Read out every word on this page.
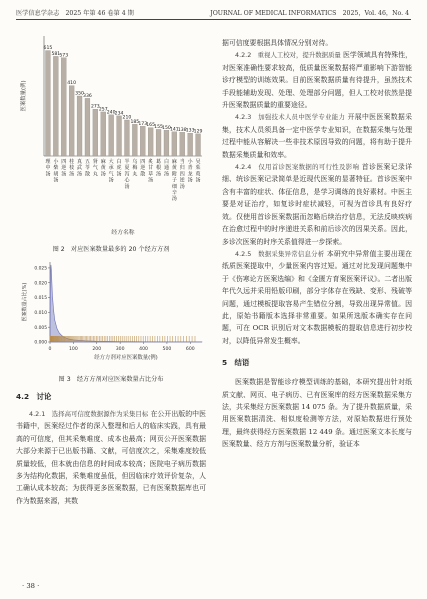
医学信息学杂志　2025 年第 46 卷第 4 期	JOURNAL OF MEDICAL INFORMATICS　2025，Vol. 46，No. 4
615
理
中
汤
581
小
柴
胡
汤
573
四
逆
汤
410
桂
枝
汤
350
真
武
汤
336
五
苓
散
273
肾
气
丸
257
麻
黄
汤
240
大
承
气
汤
234
白
虎
汤
210
半
夏
泻
心
汤
185
乌
梅
丸
173
四
逆
散
165
炙
甘
草
汤
155
葛
根
汤
150
白
通
汤
141
麻
黄
附
子
细
辛
汤
138
当
归
四
逆
汤
133
小
青
龙
汤
129
吴
茱
萸
汤
医案数量(例)
经方名称

图 2　对应医案数量最多的 20 个经方方剂

0.000
0.005
0.010
0.015
0.020
0.025
0	100	200	300	400	500	600
医案数量占比(%)
经方方剂对应医案数量(例)

图 3　经方方剂对应医案数量占比分布

4.2　讨论

4.2.1　选择高可信度数据源作为采集目标 在公开出版的中医书籍中，医案经过作者的深入整理和后人的临床实践，具有最高的可信度，但其采集难度、成本也最高；网页公开医案数据大部分来源于已出版书籍、文献，可信度次之，采集难度较低质量较低，但本就由信息的时间成本较高；医院电子病历数据多为结构化数据，采集难度虽低，但因临床疗效评价复杂，人工确认成本较高；为获得更多医案数据，已有医案数据库也可作为数据来源，其数

· 38 ·

据可信度要根据具体情况分别对待。

4.2.2　重视人工校对，提升数据质量 医学领域具有特殊性，对医案准确性要求较高，低质量医案数据将严重影响下游智能诊疗模型的训练效果。目前医案数据质量有待提升，虽然技术手段能辅助发现、处理、处理部分问题，但人工校对依然是提升医案数据质量的重要途径。

4.2.3　加强技术人员中医学专业能力 开展中医医案数据采集，技术人员须具备一定中医学专业知识，在数据采集与处理过程中能从容解决一些非技术原因导致的问题，将有助于提升数据采集质量和效率。

4.2.4　仅用首诊医案数据的可行性及影响 首诊医案记录详细、统诊医案记录简单是近现代医案的显著特征。首诊医案中含有丰富的症状、体征信息，是学习调练的良好素材。中医主要是对证治疗，如复诊时症状减轻，可视为首诊具有良好疗效。仅使用首诊医案数据而忽略后续治疗信息，无法反映疾病在治愈过程中的时序递进关系和前后诊次的因果关系。因此，多诊次医案的时序关系值得进一步探索。

4.2.5　数据采集异常信息分析 本研究中异常值主要出现在纸质医案提取中，少量医案内容过短。通过对比发现问题集中于《伤寒论方医案选编》和《金匮方育案医案评议》。二者出版年代久远并采用铅版印刷，部分字体存在残缺、变形、残破等问题，通过模板提取容易产生错位分割，导致出现异常值。因此，原始书籍版本选择非常重要。如果所选版本确实存在问题，可在 OCR 识别后对文本数据模板的提取信息进行初步校对，以降低异常发生概率。

5　结语

医案数据是智能诊疗模型训练的基础，本研究提出针对纸质文献、网页、电子病历、已有医案库的经方医案数据采集方法，共采集经方医案数据 14 075 条。为了提升数据质量，采用医案数据清洗、相似度检测等方法，对原始数据进行预处理，最终获得经方医案数据 12 449 条。通过医案文本长度与医案数量、经方方剂与医案数量分析，验证本
